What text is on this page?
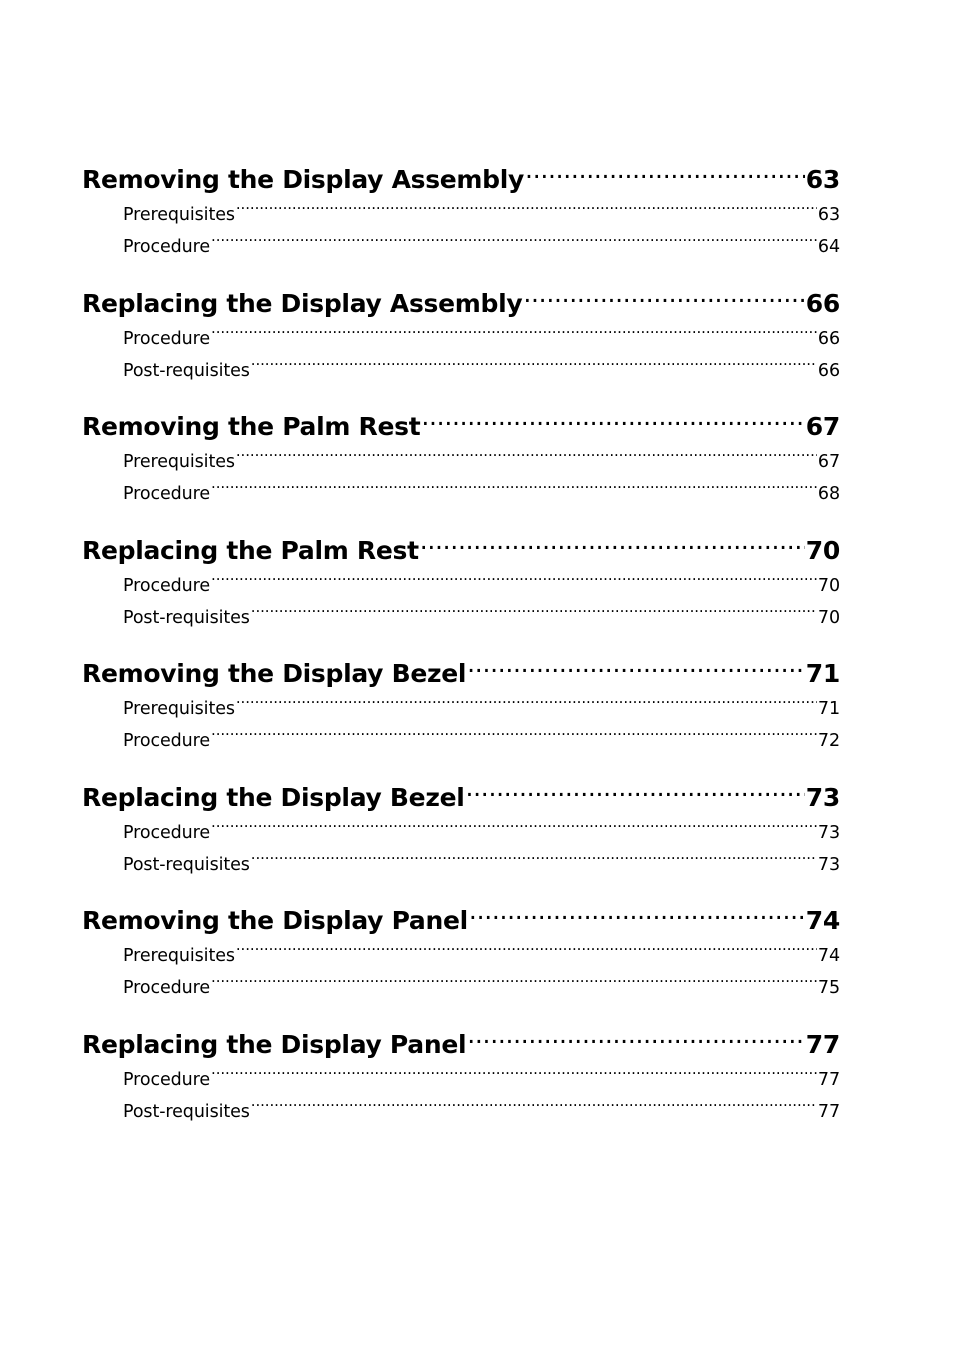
Removing the Display Assembly .....	63
Prerequisites .....	63
Procedure .....	64
Replacing the Display Assembly .....	66
Procedure .....	66
Post-requisites .....	66
Removing the Palm Rest .....	67
Prerequisites .....	67
Procedure .....	68
Replacing the Palm Rest .....	70
Procedure .....	70
Post-requisites .....	70
Removing the Display Bezel .....	71
Prerequisites .....	71
Procedure .....	72
Replacing the Display Bezel .....	73
Procedure .....	73
Post-requisites .....	73
Removing the Display Panel .....	74
Prerequisites .....	74
Procedure .....	75
Replacing the Display Panel .....	77
Procedure .....	77
Post-requisites .....	77
